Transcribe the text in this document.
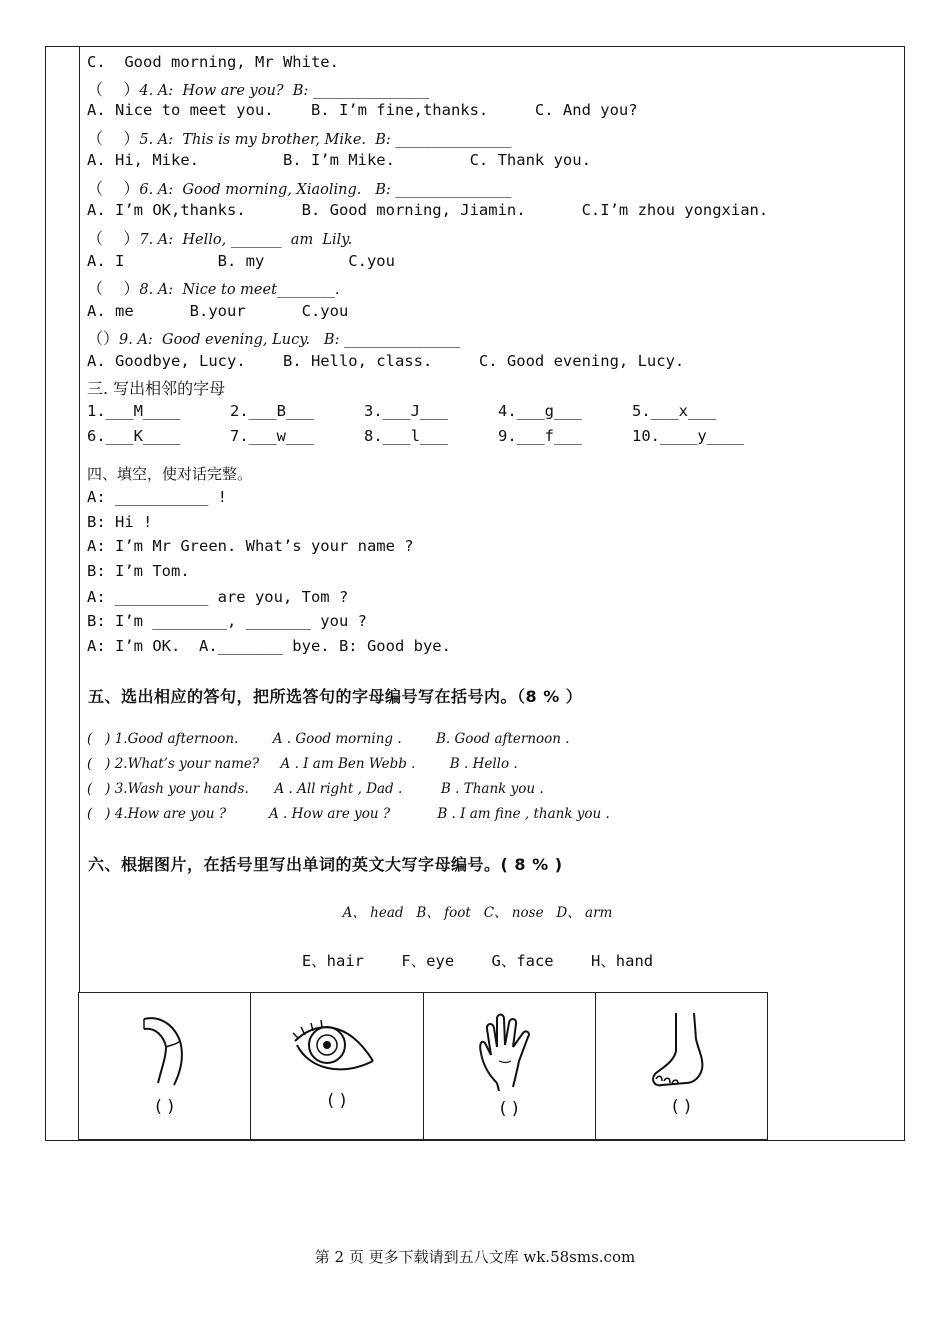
C.  Good morning, Mr White.
（    ）4. A:  How are you?  B: ________________
A. Nice to meet you.    B. I’m fine,thanks.     C. And you?
（    ）5. A:  This is my brother, Mike.  B: ________________
A. Hi, Mike.         B. I’m Mike.        C. Thank you.
（    ）6. A:  Good morning, Xiaoling.   B: ________________
A. I’m OK,thanks.      B. Good morning, Jiamin.      C.I’m zhou yongxian.
（    ）7. A:  Hello, _______  am  Lily.
A. I          B. my         C.you
（    ）8. A:  Nice to meet________.
A. me      B.your      C.you
（）9. A:  Good evening, Lucy.   B: ________________
A. Goodbye, Lucy.    B. Hello, class.     C. Good evening, Lucy.
三. 写出相邻的字母
1.___M____	2.___B___	3.___J___	4.___g___	5.___x___
6.___K____	7.___w___	8.___l___	9.___f___	10.____y____
四、填空，使对话完整。
A: __________ !
B: Hi !
A: I’m Mr Green. What’s your name ?
B: I’m Tom.
A: __________ are you, Tom ?
B: I’m ________, _______ you ?
A: I’m OK.  A._______ bye. B: Good bye.
五、选出相应的答句，把所选答句的字母编号写在括号内。（8 % ）
(   ) 1.Good afternoon.        A . Good morning .        B. Good afternoon .
(   ) 2.What’s your name?     A . I am Ben Webb .        B . Hello .
(   ) 3.Wash your hands.      A . All right , Dad .         B . Thank you .
(   ) 4.How are you ?          A . How are you ?           B . I am fine , thank you .
六、根据图片，在括号里写出单词的英文大写字母编号。( 8 % )
A、 head   B、 foot   C、 nose   D、 arm
E、hair    F、eye    G、face    H、hand
( )	( )	( )	( )
第 2 页 更多下载请到五八文库 wk.58sms.com
